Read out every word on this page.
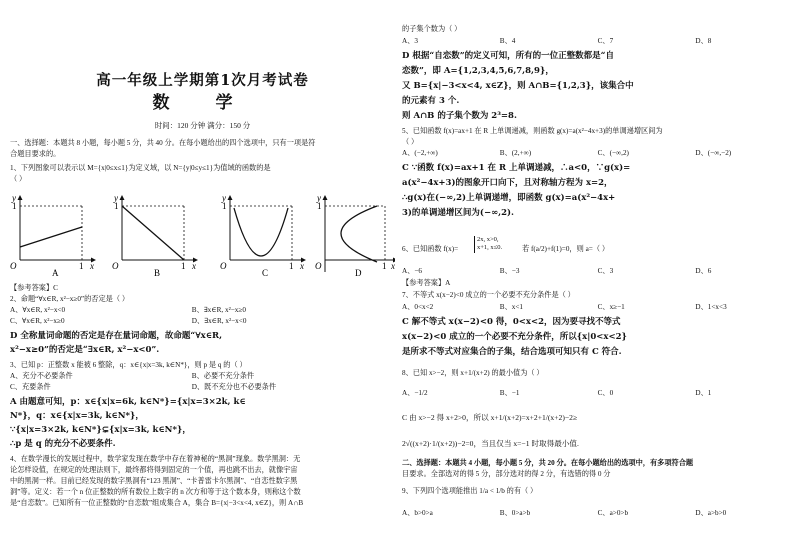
高一年级上学期第1次月考试卷
数 学
时间：120 分钟 满分：150 分
一、选择题：本题共 8 小题，每小题 5 分，共 40 分。在每小题给出的四个选项中，只有一项是符
合题目要求的。
1、下列图象可以表示以 M={x|0≤x≤1}为定义域，以 N={y|0≤y≤1}为值域的函数的是
（ ）
y
1
O	1 x
A
y
1
O	1 x
B
y
1
O	1 x
C
y
1
O	1 x
D
【参考答案】C
2、命题“∀x∈R, x²−x≥0”的否定是（ ）
A、∀x∈R, x²−x<0	B、∃x∈R, x²−x≥0
C、∀x∈R, x²−x≥0	D、∃x∈R, x²−x<0
D 全称量词命题的否定是存在量词命题，故命题“∀x∈R,
x²−x≥0”的否定是“∃x∈R, x²−x<0”.
3、已知 p：正整数 x 能被 6 整除，q：x∈{x|x=3k, k∈N*}，则 p 是 q 的（ ）
A、充分不必要条件	B、必要不充分条件
C、充要条件	D、既不充分也不必要条件
A 由题意可知，p：x∈{x|x=6k, k∈N*}={x|x=3×2k, k∈
N*}，q：x∈{x|x=3k, k∈N*}，
∵{x|x=3×2k, k∈N*}⊊{x|x=3k, k∈N*}，
∴p 是 q 的充分不必要条件.
4、在数学漫长的发展过程中，数学家发现在数学中存在着神秘的“黑洞”现象。数学黑洞：无
论怎样设值，在规定的处理法则下，最终都将得到固定的一个值，再也跳不出去，就像宇宙
中的黑洞一样。目前已经发现的数字黑洞有“123 黑洞”、“卡普雷卡尔黑洞”、“自恋性数字黑
洞”等。定义：若一个 n 位正整数的所有数位上数字的 n 次方和等于这个数本身，则称这个数
是“自恋数”。已知所有一位正整数的“自恋数”组成集合 A，集合 B={x|−3<x<4, x∈Z}，则 A∩B
的子集个数为（ ）
A、3	B、4	C、7	D、8
D 根据“自恋数”的定义可知，所有的一位正整数都是“自
恋数”，即 A={1,2,3,4,5,6,7,8,9}，
又 B={x|−3<x<4, x∈Z}，则 A∩B={1,2,3}，该集合中
的元素有 3 个.
则 A∩B 的子集个数为 2³=8.
5、已知函数 f(x)=ax+1 在 R 上单调递减，则函数 g(x)=a(x²−4x+3)的单调递增区间为
（ ）
A、(−2,+∞)	B、(2,+∞)	C、(−∞,2)	D、(−∞,−2)
C ∵函数 f(x)=ax+1 在 R 上单调递减，∴a<0，∵g(x)=
a(x²−4x+3)的图象开口向下，且对称轴方程为 x=2，
∴g(x)在(−∞,2)上单调递增，即函数 g(x)=a(x²−4x+
3)的单调递增区间为(−∞,2).
6、已知函数 f(x)=
2x, x>0,
x+1, x≤0.	若 f(a/2)+f(1)=0，则 a=（ ）
A、−6	B、−3	C、3	D、6
【参考答案】A
7、不等式 x(x−2)<0 成立的一个必要不充分条件是（ ）
A、0<x<2	B、x<1	C、x≥−1	D、1<x<3
C 解不等式 x(x−2)<0 得，0<x<2，因为要寻找不等式
x(x−2)<0 成立的一个必要不充分条件，所以{x|0<x<2}
是所求不等式对应集合的子集，结合选项可知只有 C 符合.
8、已知 x>−2，则 x+1/(x+2) 的最小值为（ ）
A、−1/2	B、−1	C、0	D、1
C 由 x>−2 得 x+2>0，所以 x+1/(x+2)=x+2+1/(x+2)−2≥
2√((x+2)·1/(x+2))−2=0，当且仅当 x=−1 时取得最小值.
二、选择题：本题共 4 小题，每小题 5 分，共 20 分。在每小题给出的选项中，有多项符合题
目要求。全部选对的得 5 分，部分选对的得 2 分，有选错的得 0 分
9、下列四个选项能推出 1/a < 1/b 的有（ ）
A、b>0>a	B、0>a>b	C、a>0>b	D、a>b>0
